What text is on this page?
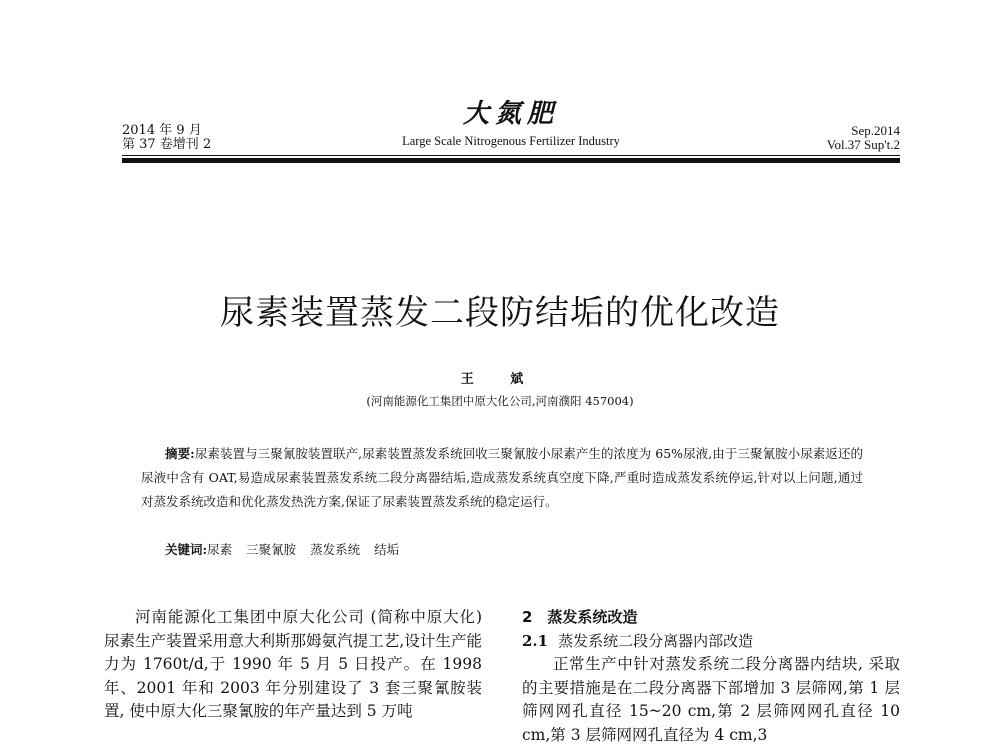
2014 年 9 月
第 37 卷增刊 2
大氮肥
Large Scale Nitrogenous Fertilizer Industry
Sep.2014
Vol.37 Sup't.2
尿素装置蒸发二段防结垢的优化改造
王 斌
(河南能源化工集团中原大化公司,河南濮阳 457004)

摘要:尿素装置与三聚氰胺装置联产,尿素装置蒸发系统回收三聚氰胺小尿素产生的浓度为 65%尿液,由于三聚氰胺小尿素返还的尿液中含有 OAT,易造成尿素装置蒸发系统二段分离器结垢,造成蒸发系统真空度下降,严重时造成蒸发系统停运,针对以上问题,通过对蒸发系统改造和优化蒸发热洗方案,保证了尿素装置蒸发系统的稳定运行。

关键词:尿素 三聚氰胺 蒸发系统 结垢

河南能源化工集团中原大化公司 (简称中原大化) 尿素生产装置采用意大利斯那姆氨汽提工艺,设计生产能力为 1760t/d,于 1990 年 5 月 5 日投产。在 1998 年、2001 年和 2003 年分别建设了 3 套三聚氰胺装置, 使中原大化三聚氰胺的年产量达到 5 万吨

2　蒸发系统改造
2.1 蒸发系统二段分离器内部改造

正常生产中针对蒸发系统二段分离器内结块, 采取的主要措施是在二段分离器下部增加 3 层筛网,第 1 层筛网网孔直径 15~20 cm,第 2 层筛网网孔直径 10 cm,第 3 层筛网网孔直径为 4 cm,3
